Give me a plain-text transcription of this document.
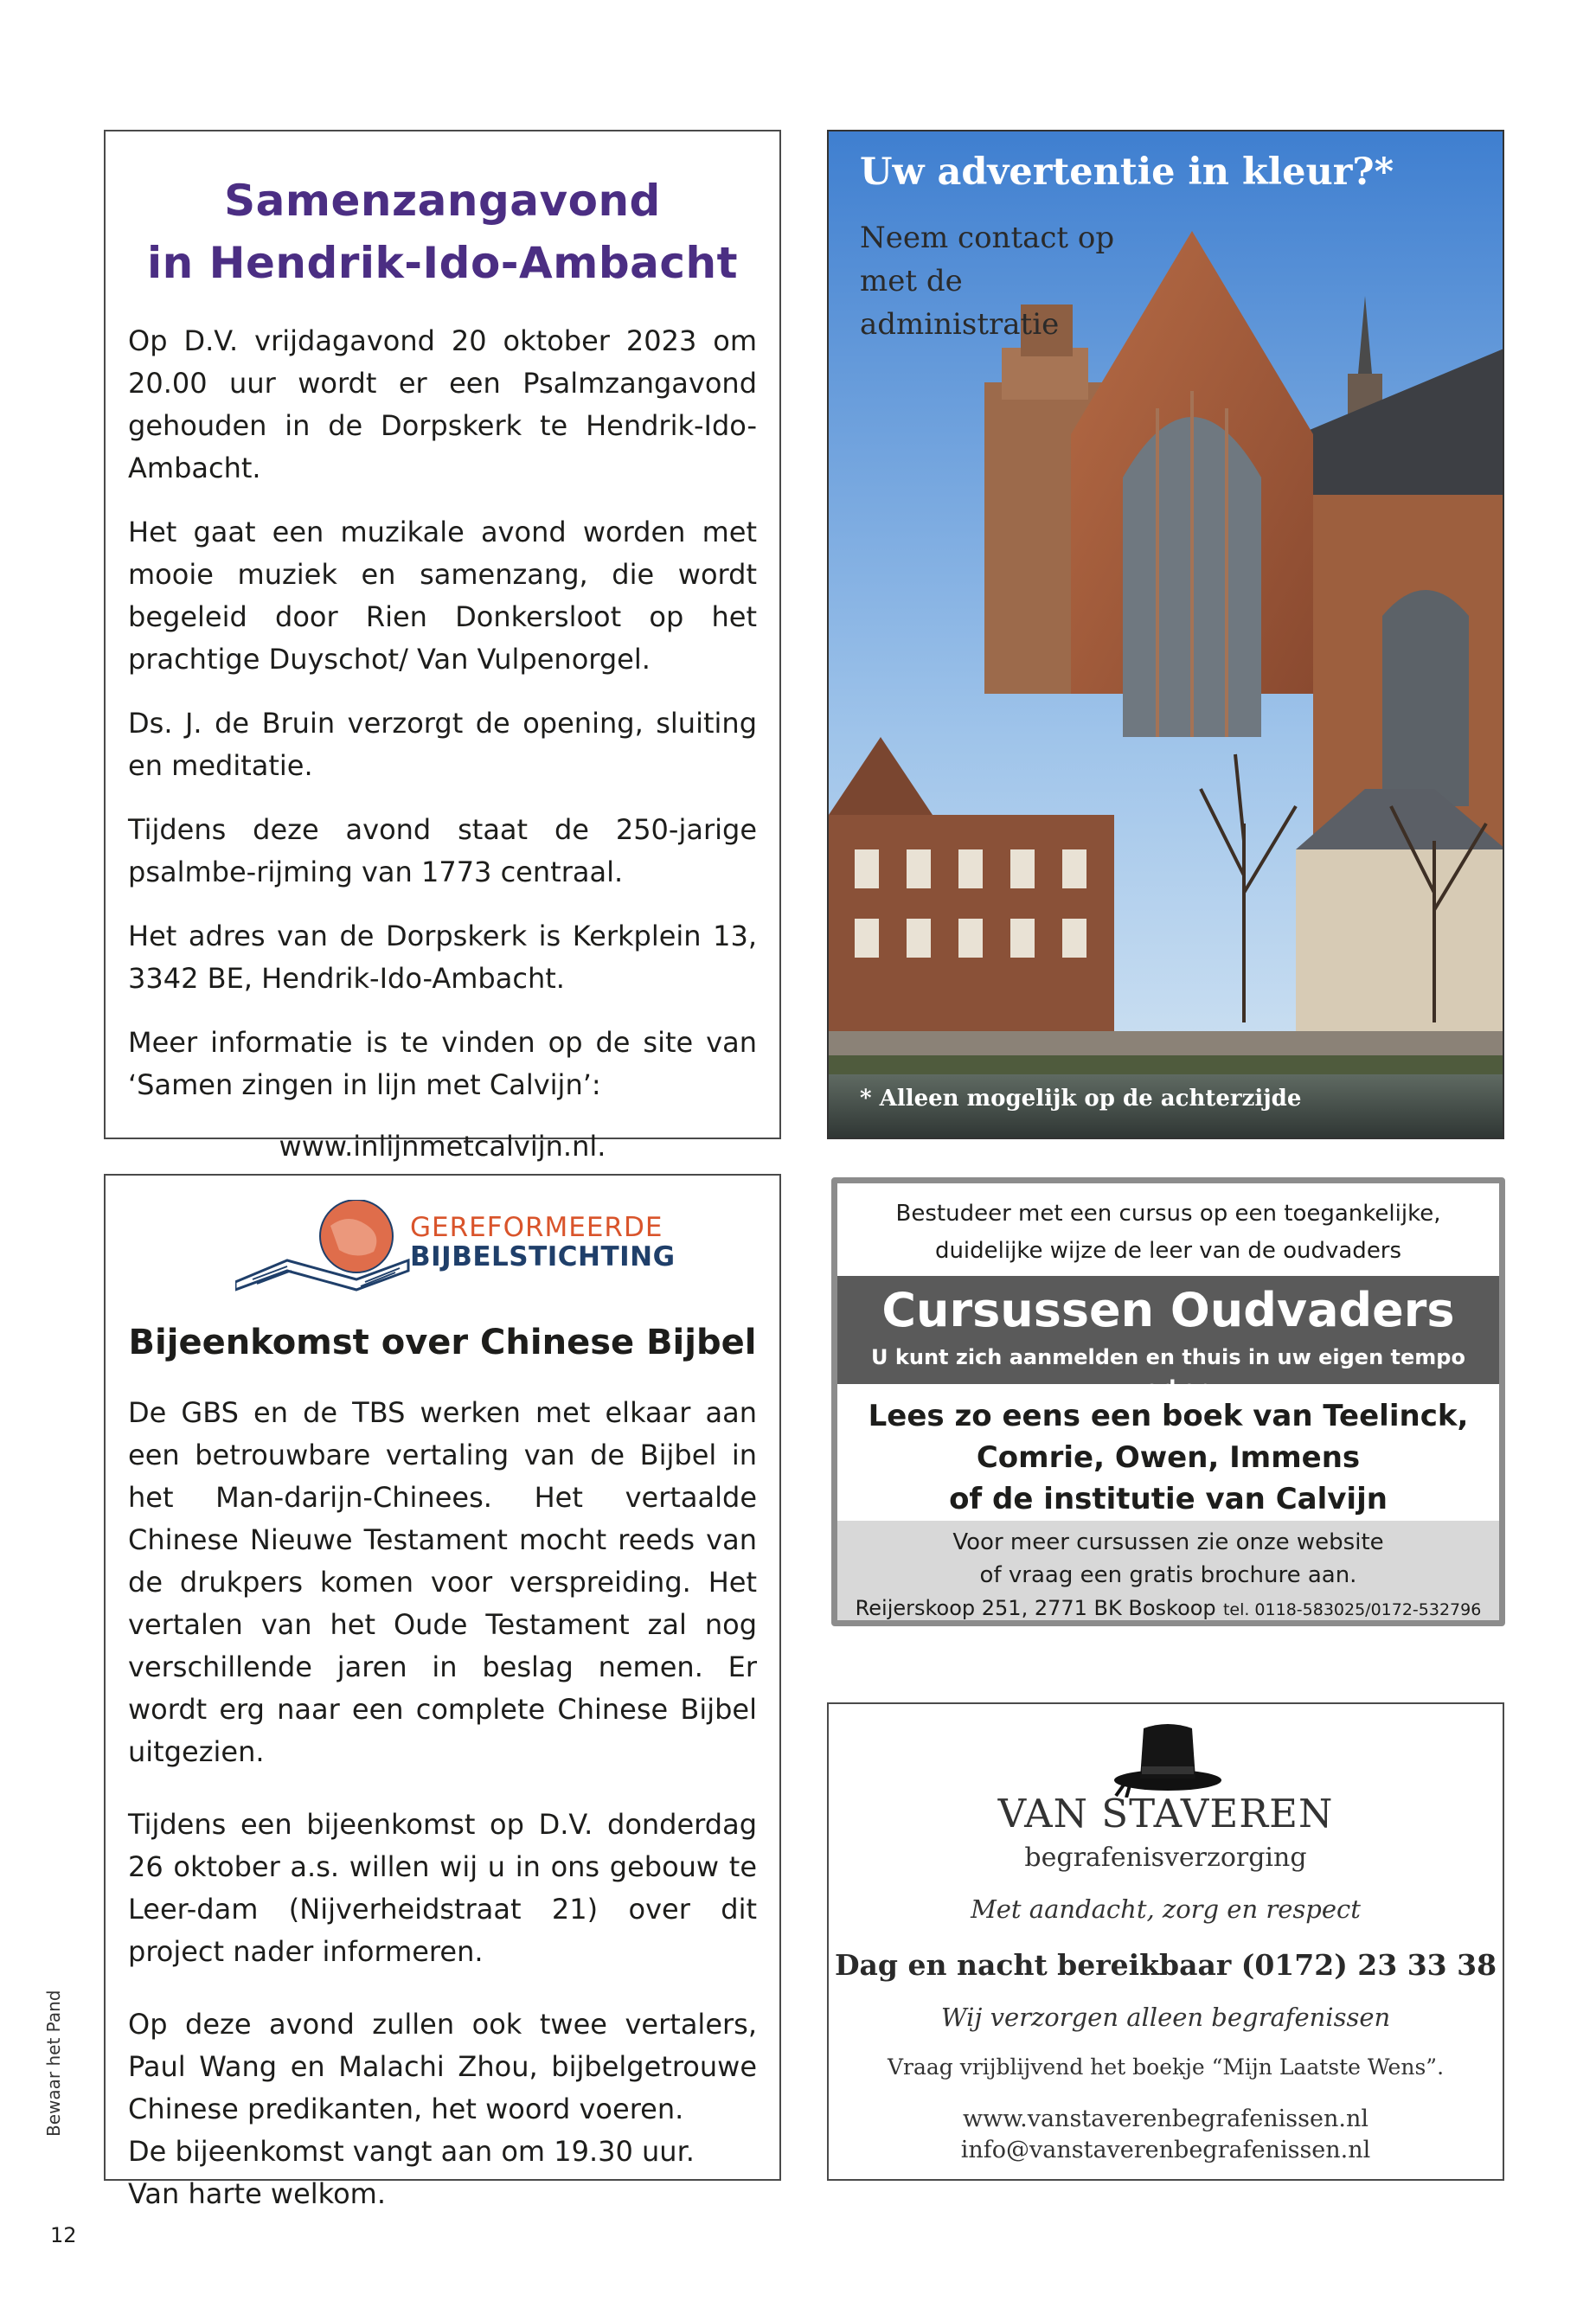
Samenzangavond
in Hendrik-Ido-Ambacht

Op D.V. vrijdagavond 20 oktober 2023 om 20.00 uur wordt er een Psalmzangavond gehouden in de Dorpskerk te Hendrik-Ido-Ambacht.

Het gaat een muzikale avond worden met mooie muziek en samenzang, die wordt begeleid door Rien Donkersloot op het prachtige Duyschot/ Van Vulpenorgel.

Ds. J. de Bruin verzorgt de opening, sluiting en meditatie.

Tijdens deze avond staat de 250-jarige psalmbe-rijming van 1773 centraal.

Het adres van de Dorpskerk is Kerkplein 13, 3342 BE, Hendrik-Ido-Ambacht.

Meer informatie is te vinden op de site van ‘Samen zingen in lijn met Calvijn’:

www.inlijnmetcalvijn.nl.

Uw advertentie in kleur?*
Neem contact op met de administratie
* Alleen mogelijk op de achterzijde
GEREFORMEERDE
BIJBELSTICHTING
Bijeenkomst over Chinese Bijbel

De GBS en de TBS werken met elkaar aan een betrouwbare vertaling van de Bijbel in het Man-darijn-Chinees. Het vertaalde Chinese Nieuwe Testament mocht reeds van de drukpers komen voor verspreiding. Het vertalen van het Oude Testament zal nog verschillende jaren in beslag nemen. Er wordt erg naar een complete Chinese Bijbel uitgezien.

Tijdens een bijeenkomst op D.V. donderdag 26 oktober a.s. willen wij u in ons gebouw te Leer-dam (Nijverheidstraat 21) over dit project nader informeren.

Op deze avond zullen ook twee vertalers, Paul Wang en Malachi Zhou, bijbelgetrouwe Chinese predikanten, het woord voeren.

De bijeenkomst vangt aan om 19.30 uur.

Van harte welkom.

Bestudeer met een cursus op een toegankelijke,
duidelijke wijze de leer van de oudvaders
Cursussen Oudvaders
U kunt zich aanmelden en thuis in uw eigen tempo werken
Lees zo eens een boek van Teelinck,
Comrie, Owen, Immens
of de institutie van Calvijn
Voor meer cursussen zie onze website
of vraag een gratis brochure aan.
Reijerskoop 251, 2771 BK Boskoop tel. 0118-583025/0172-532796
VAN STAVEREN
begrafenisverzorging
Met aandacht, zorg en respect
Dag en nacht bereikbaar (0172) 23 33 38
Wij verzorgen alleen begrafenissen
Vraag vrijblijvend het boekje “Mijn Laatste Wens”.
www.vanstaverenbegrafenissen.nl
info@vanstaverenbegrafenissen.nl
Bewaar het Pand
12
